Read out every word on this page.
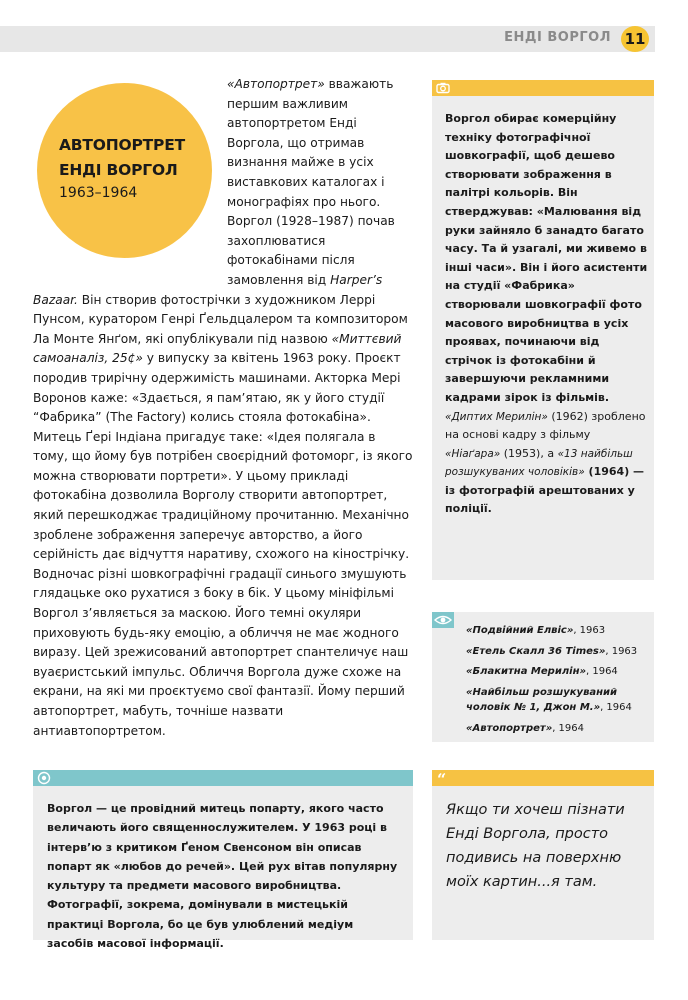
ЕНДІ ВОРГОЛ 11
«Автопортрет» вважають першим важливим автопортретом Енді Воргола, що отримав визнання майже в усіх виставкових каталогах і монографіях про нього. Воргол (1928–1987) почав захоплюватися фотокабінами після замовлення від Harper’s Bazaar. Він створив фотострічки з художником Леррі Пунсом, куратором Генрі Ґельдцалером та композитором Ла Монте Янґом, які опублікували під назвою «Миттєвий самоаналіз, 25¢» у випуску за квітень 1963 року. Проєкт породив трирічну одержимість машинами. Акторка Мері Воронов каже: «Здається, я пам’ятаю, як у його студії “Фабрика” (The Factory) колись стояла фотокабіна». Митець Ґері Індіана пригадує таке: «Ідея полягала в тому, що йому був потрібен своєрідний фотоморг, із якого можна створювати портрети». У цьому прикладі фотокабіна дозволила Ворголу створити автопортрет, який перешкоджає традиційному прочитанню. Механічно зроблене зображення заперечує авторство, а його серійність дає відчуття наративу, схожого на кінострічку. Водночас різні шовкографічні градації синього змушують глядацьке око рухатися з боку в бік. У цьому мініфільмі Воргол з’являється за маскою. Його темні окуляри приховують будь-яку емоцію, а обличчя не має жодного виразу. Цей зрежисований автопортрет спантеличує наш вуаєристський імпульс. Обличчя Воргола дуже схоже на екрани, на які ми проєктуємо свої фантазії. Йому перший автопортрет, мабуть, точніше назвати антиавтопортретом.
АВТОПОРТРЕТ
ЕНДІ ВОРГОЛ
1963–1964
Воргол обирає комерційну техніку фотографічної шовкографії, щоб дешево створювати зображення в палітрі кольорів. Він стверджував: «Малювання від руки зайняло б занадто багато часу. Та й узагалі, ми живемо в інші часи». Він і його асистенти на студії «Фабрика» створювали шовкографії фото масового виробництва в усіх проявах, починаючи від стрічок із фотокабіни й завершуючи рекламними кадрами зірок із фільмів. «Диптих Мерилін» (1962) зроблено на основі кадру з фільму «Ніаґара» (1953), а «13 найбільш розшукуваних чоловіків» (1964) — із фотографій арештованих у поліції.
«Подвійний Елвіс», 1963
«Етель Скалл 36 Times», 1963
«Блакитна Мерилін», 1964
«Найбільш розшукуваний чоловік № 1, Джон М.», 1964
«Автопортрет», 1964
Воргол — це провідний митець попарту, якого часто величають його священнослужителем. У 1963 році в інтерв’ю з критиком Ґеном Свенсоном він описав попарт як «любов до речей». Цей рух вітав популярну культуру та предмети масового виробництва. Фотографії, зокрема, домінували в мистецькій практиці Воргола, бо це був улюблений медіум засобів масової інформації.
“
Якщо ти хочеш пізнати Енді Воргола, просто подивись на поверхню моїх картин...я там.
